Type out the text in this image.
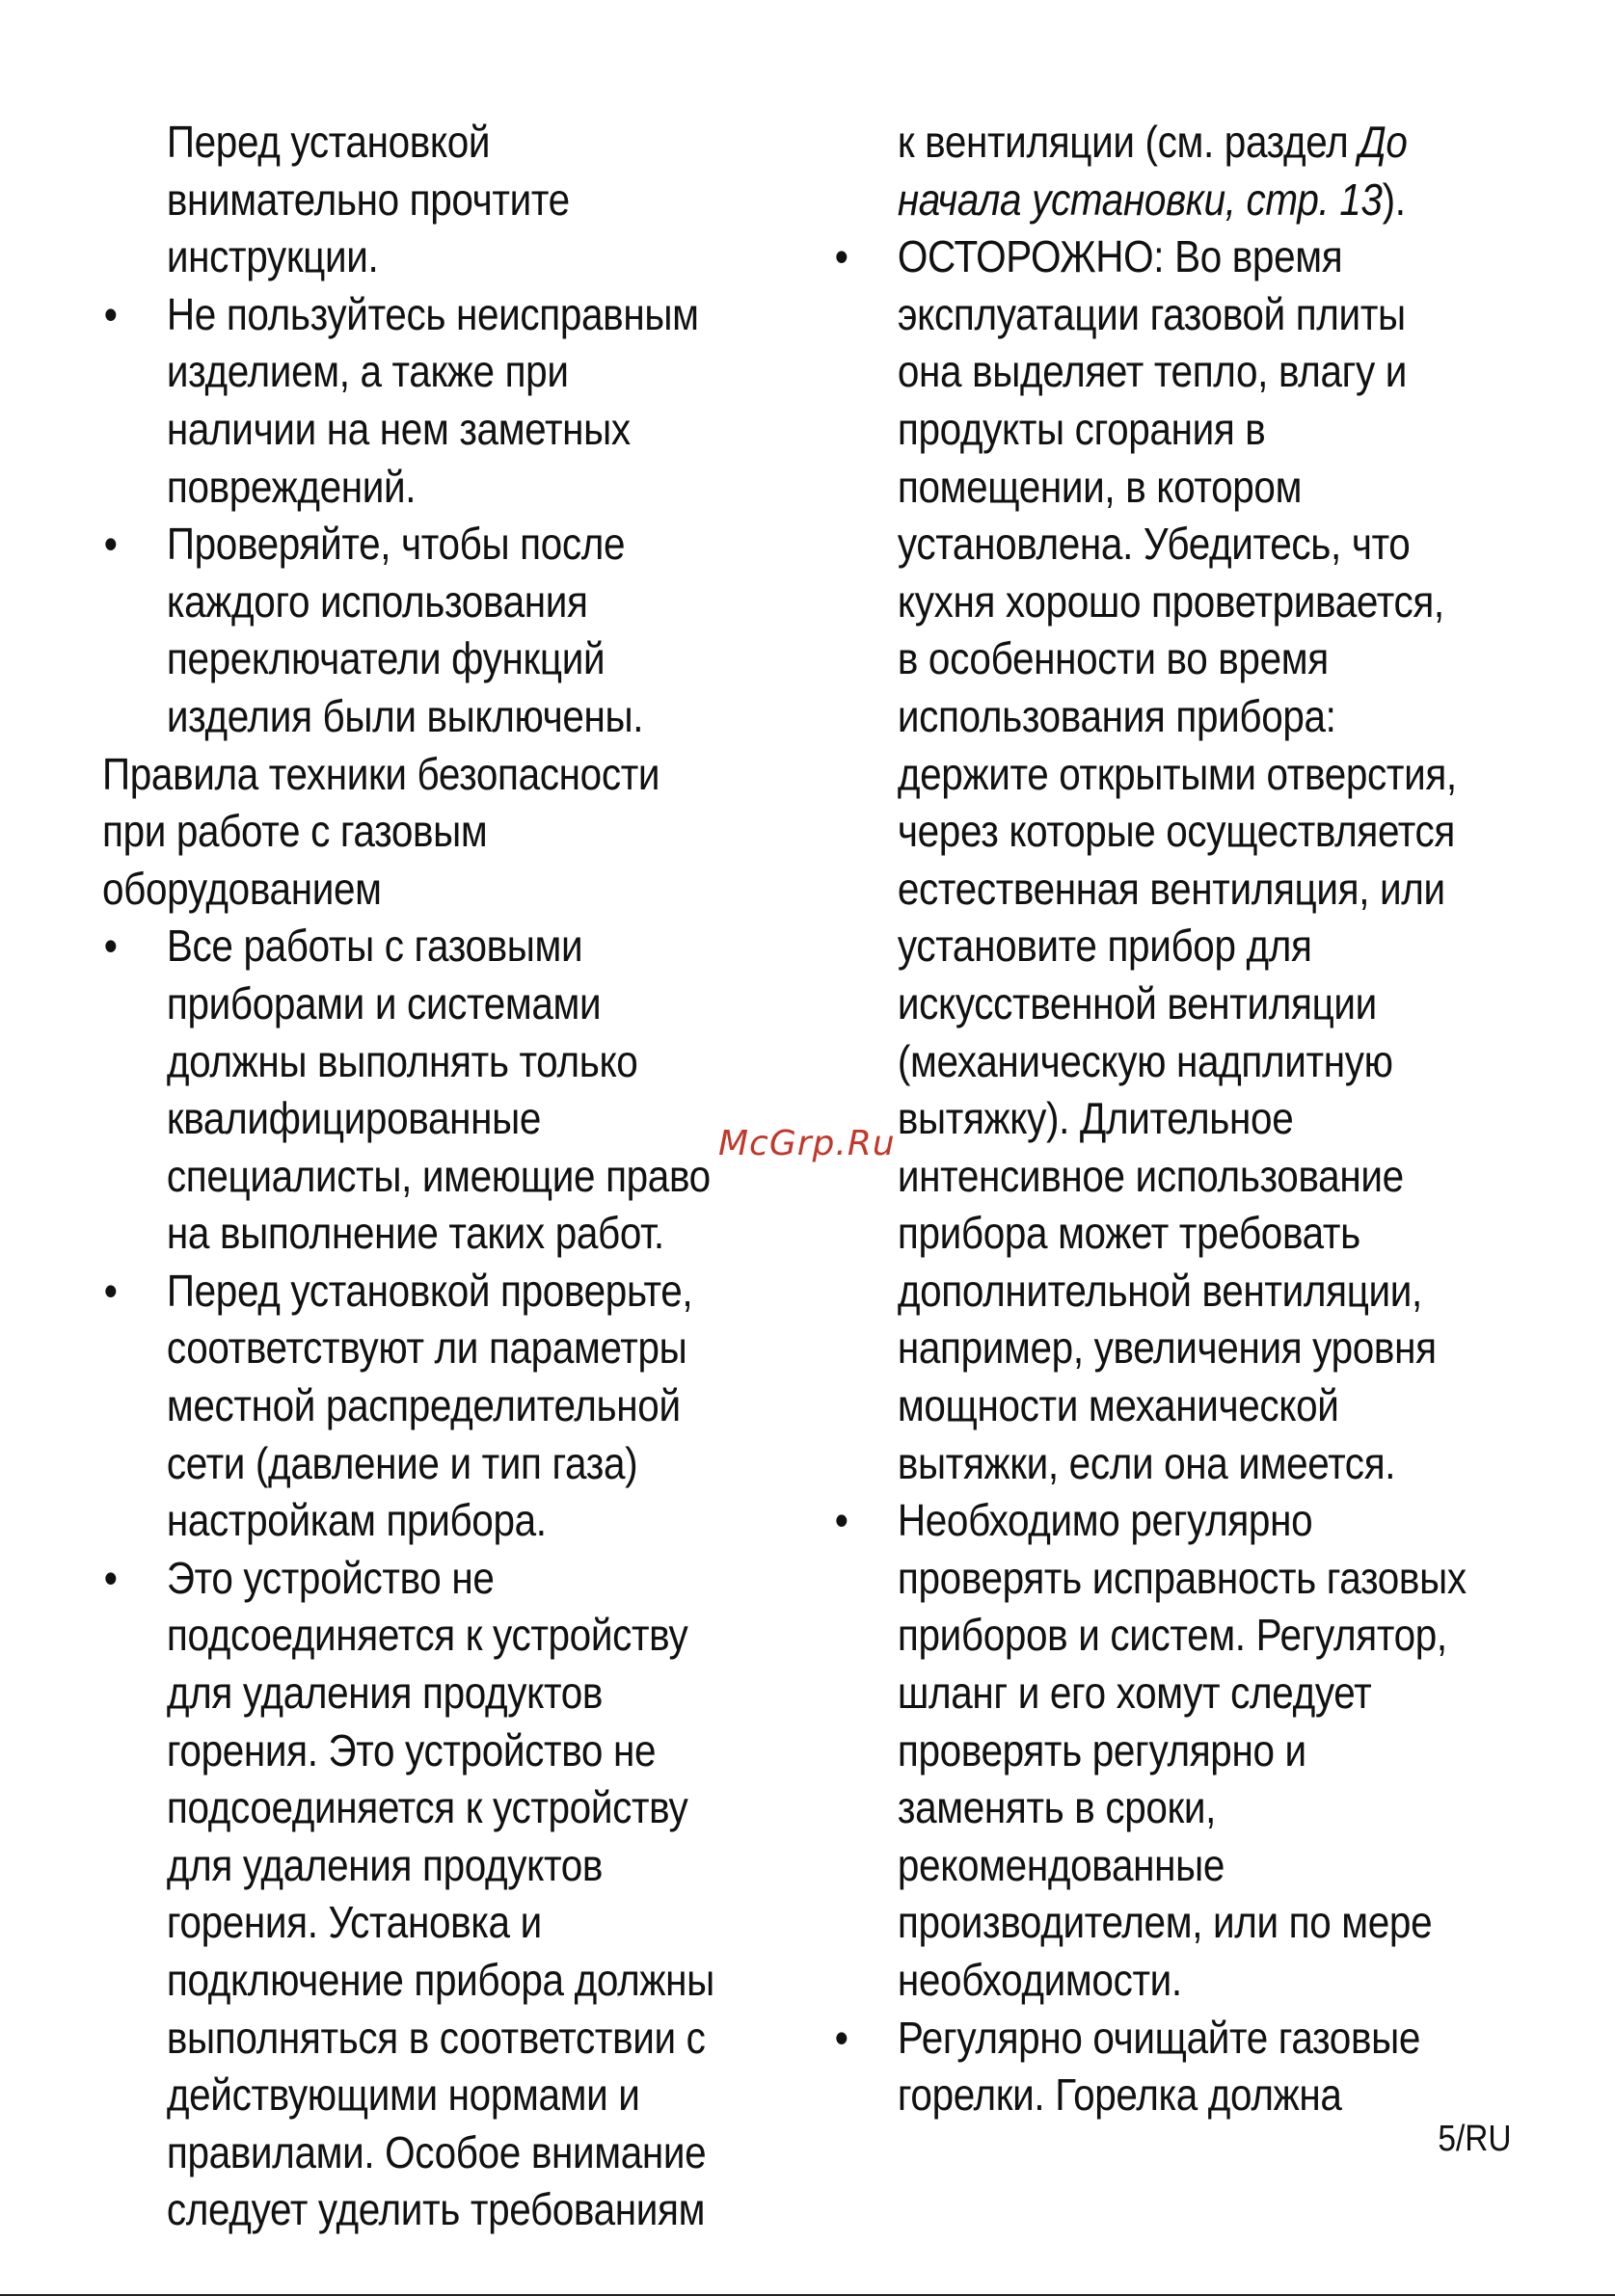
Перед установкой внимательно прочтите инструкции.

• Не пользуйтесь неисправным изделием, а также при наличии на нем заметных повреждений.
• Проверяйте, чтобы после каждого использования переключатели функций изделия были выключены.

Правила техники безопасности при работе с газовым оборудованием

• Все работы с газовыми приборами и системами должны выполнять только квалифицированные специалисты, имеющие право на выполнение таких работ.
• Перед установкой проверьте, соответствуют ли параметры местной распределительной сети (давление и тип газа) настройкам прибора.
• Это устройство не подсоединяется к устройству для удаления продуктов горения. Это устройство не подсоединяется к устройству для удаления продуктов горения. Установка и подключение прибора должны выполняться в соответствии с действующими нормами и правилами. Особое внимание следует уделить требованиям

к вентиляции (см. раздел До начала установки, стр. 13).

• ОСТОРОЖНО: Во время эксплуатации газовой плиты она выделяет тепло, влагу и продукты сгорания в помещении, в котором установлена. Убедитесь, что кухня хорошо проветривается, в особенности во время использования прибора: держите открытыми отверстия, через которые осуществляется естественная вентиляция, или установите прибор для искусственной вентиляции (механическую надплитную вытяжку). Длительное интенсивное использование прибора может требовать дополнительной вентиляции, например, увеличения уровня мощности механической вытяжки, если она имеется.
• Необходимо регулярно проверять исправность газовых приборов и систем. Регулятор, шланг и его хомут следует проверять регулярно и заменять в сроки, рекомендованные производителем, или по мере необходимости.
• Регулярно очищайте газовые горелки. Горелка должна
McGrp.Ru
5/RU
